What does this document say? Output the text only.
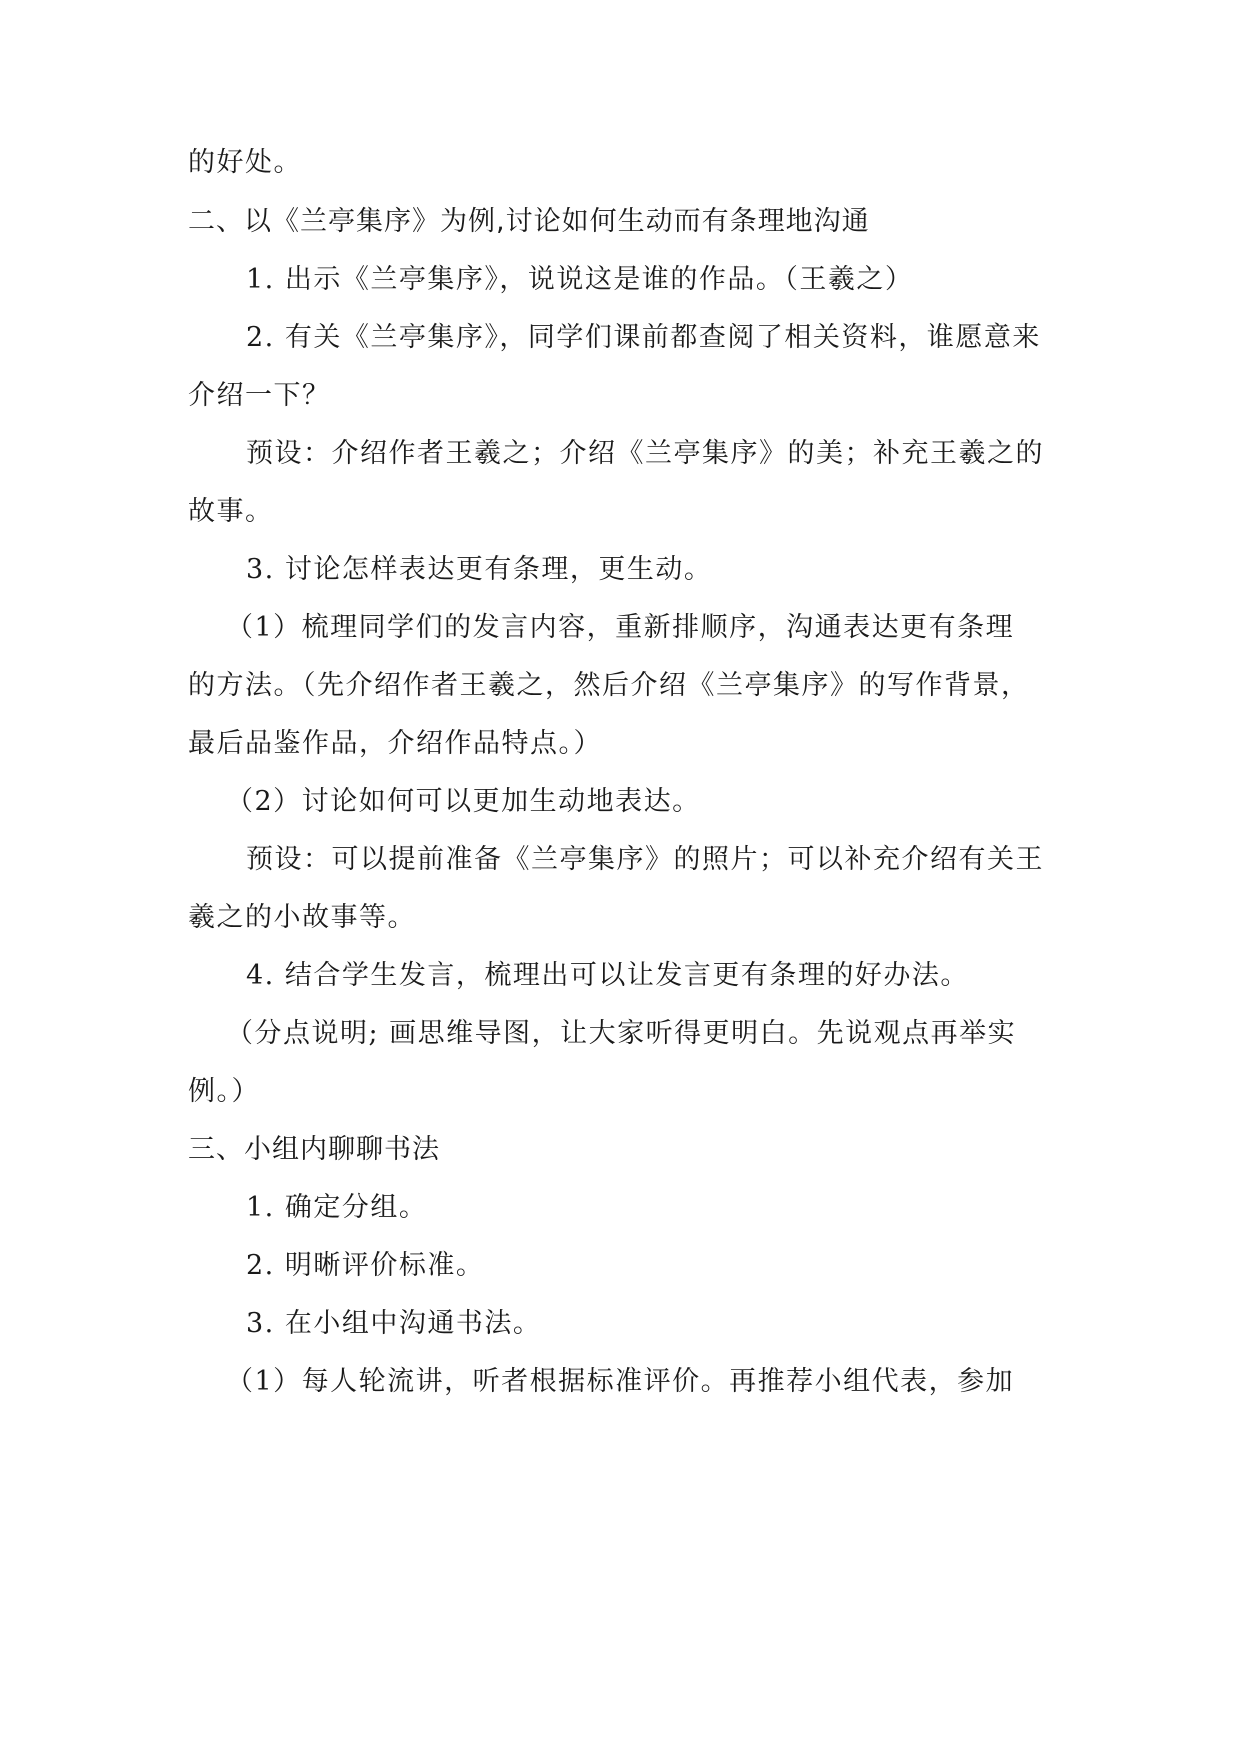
的好处。
二、以《兰亭集序》为例,讨论如何生动而有条理地沟通
1. 出示《兰亭集序》，说说这是谁的作品。（王羲之）
2. 有关《兰亭集序》，同学们课前都查阅了相关资料，谁愿意来
介绍一下？
预设：介绍作者王羲之；介绍《兰亭集序》的美；补充王羲之的
故事。
3. 讨论怎样表达更有条理，更生动。
（1）梳理同学们的发言内容，重新排顺序，沟通表达更有条理
的方法。（先介绍作者王羲之，然后介绍《兰亭集序》的写作背景，
最后品鉴作品，介绍作品特点。）
（2）讨论如何可以更加生动地表达。
预设：可以提前准备《兰亭集序》的照片；可以补充介绍有关王
羲之的小故事等。
4. 结合学生发言，梳理出可以让发言更有条理的好办法。
（分点说明; 画思维导图，让大家听得更明白。先说观点再举实
例。）
三、小组内聊聊书法
1. 确定分组。
2. 明晰评价标准。
3. 在小组中沟通书法。
（1）每人轮流讲，听者根据标准评价。再推荐小组代表，参加
